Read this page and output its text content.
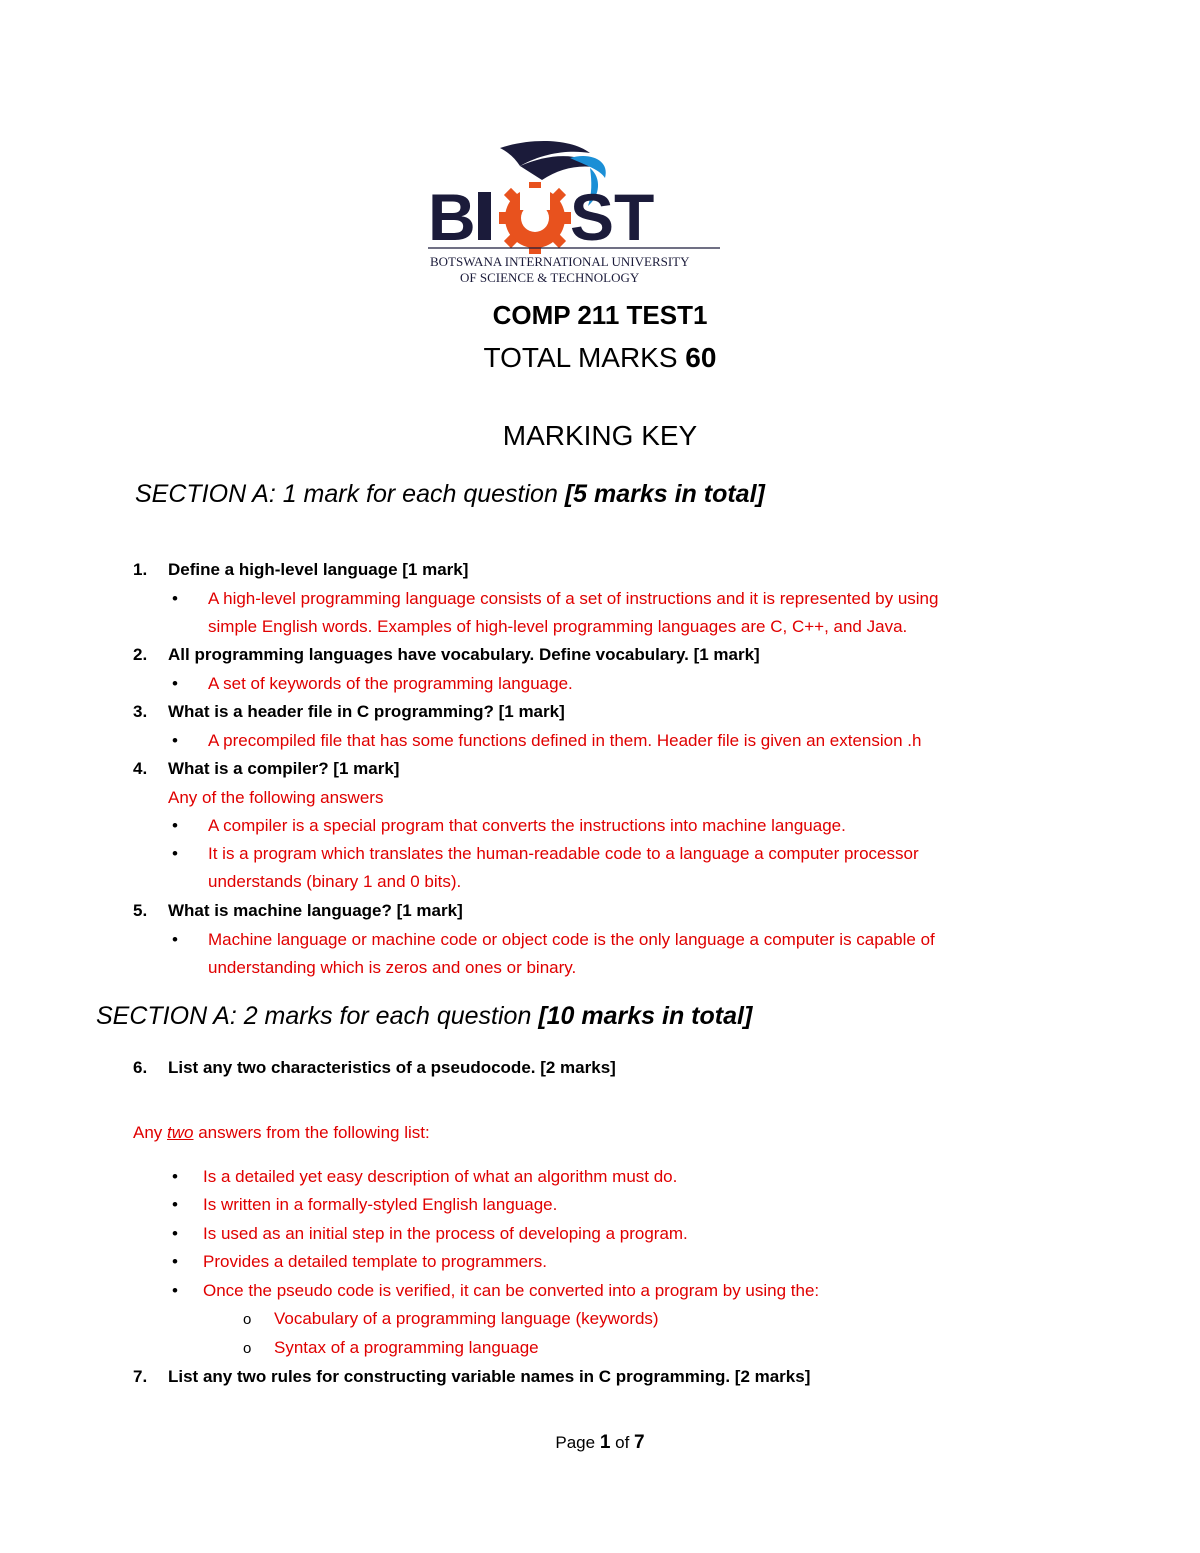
B ST
BOTSWANA INTERNATIONAL UNIVERSITY
OF SCIENCE & TECHNOLOGY
COMP 211 TEST1
TOTAL MARKS 60
MARKING KEY
SECTION A: 1 mark for each question [5 marks in total]
1. Define a high-level language [1 mark]
• A high-level programming language consists of a set of instructions and it is represented by using
simple English words. Examples of high-level programming languages are C, C++, and Java.
2. All programming languages have vocabulary. Define vocabulary. [1 mark]
• A set of keywords of the programming language.
3. What is a header file in C programming? [1 mark]
• A precompiled file that has some functions defined in them. Header file is given an extension .h
4. What is a compiler? [1 mark]
Any of the following answers
• A compiler is a special program that converts the instructions into machine language.
• It is a program which translates the human-readable code to a language a computer processor
understands (binary 1 and 0 bits).
5. What is machine language? [1 mark]
• Machine language or machine code or object code is the only language a computer is capable of
understanding which is zeros and ones or binary.
SECTION A: 2 marks for each question [10 marks in total]
6. List any two characteristics of a pseudocode. [2 marks]
Any two answers from the following list:
• Is a detailed yet easy description of what an algorithm must do.
• Is written in a formally-styled English language.
• Is used as an initial step in the process of developing a program.
• Provides a detailed template to programmers.
• Once the pseudo code is verified, it can be converted into a program by using the:
o Vocabulary of a programming language (keywords)
o Syntax of a programming language
7. List any two rules for constructing variable names in C programming. [2 marks]
Page 1 of 7
